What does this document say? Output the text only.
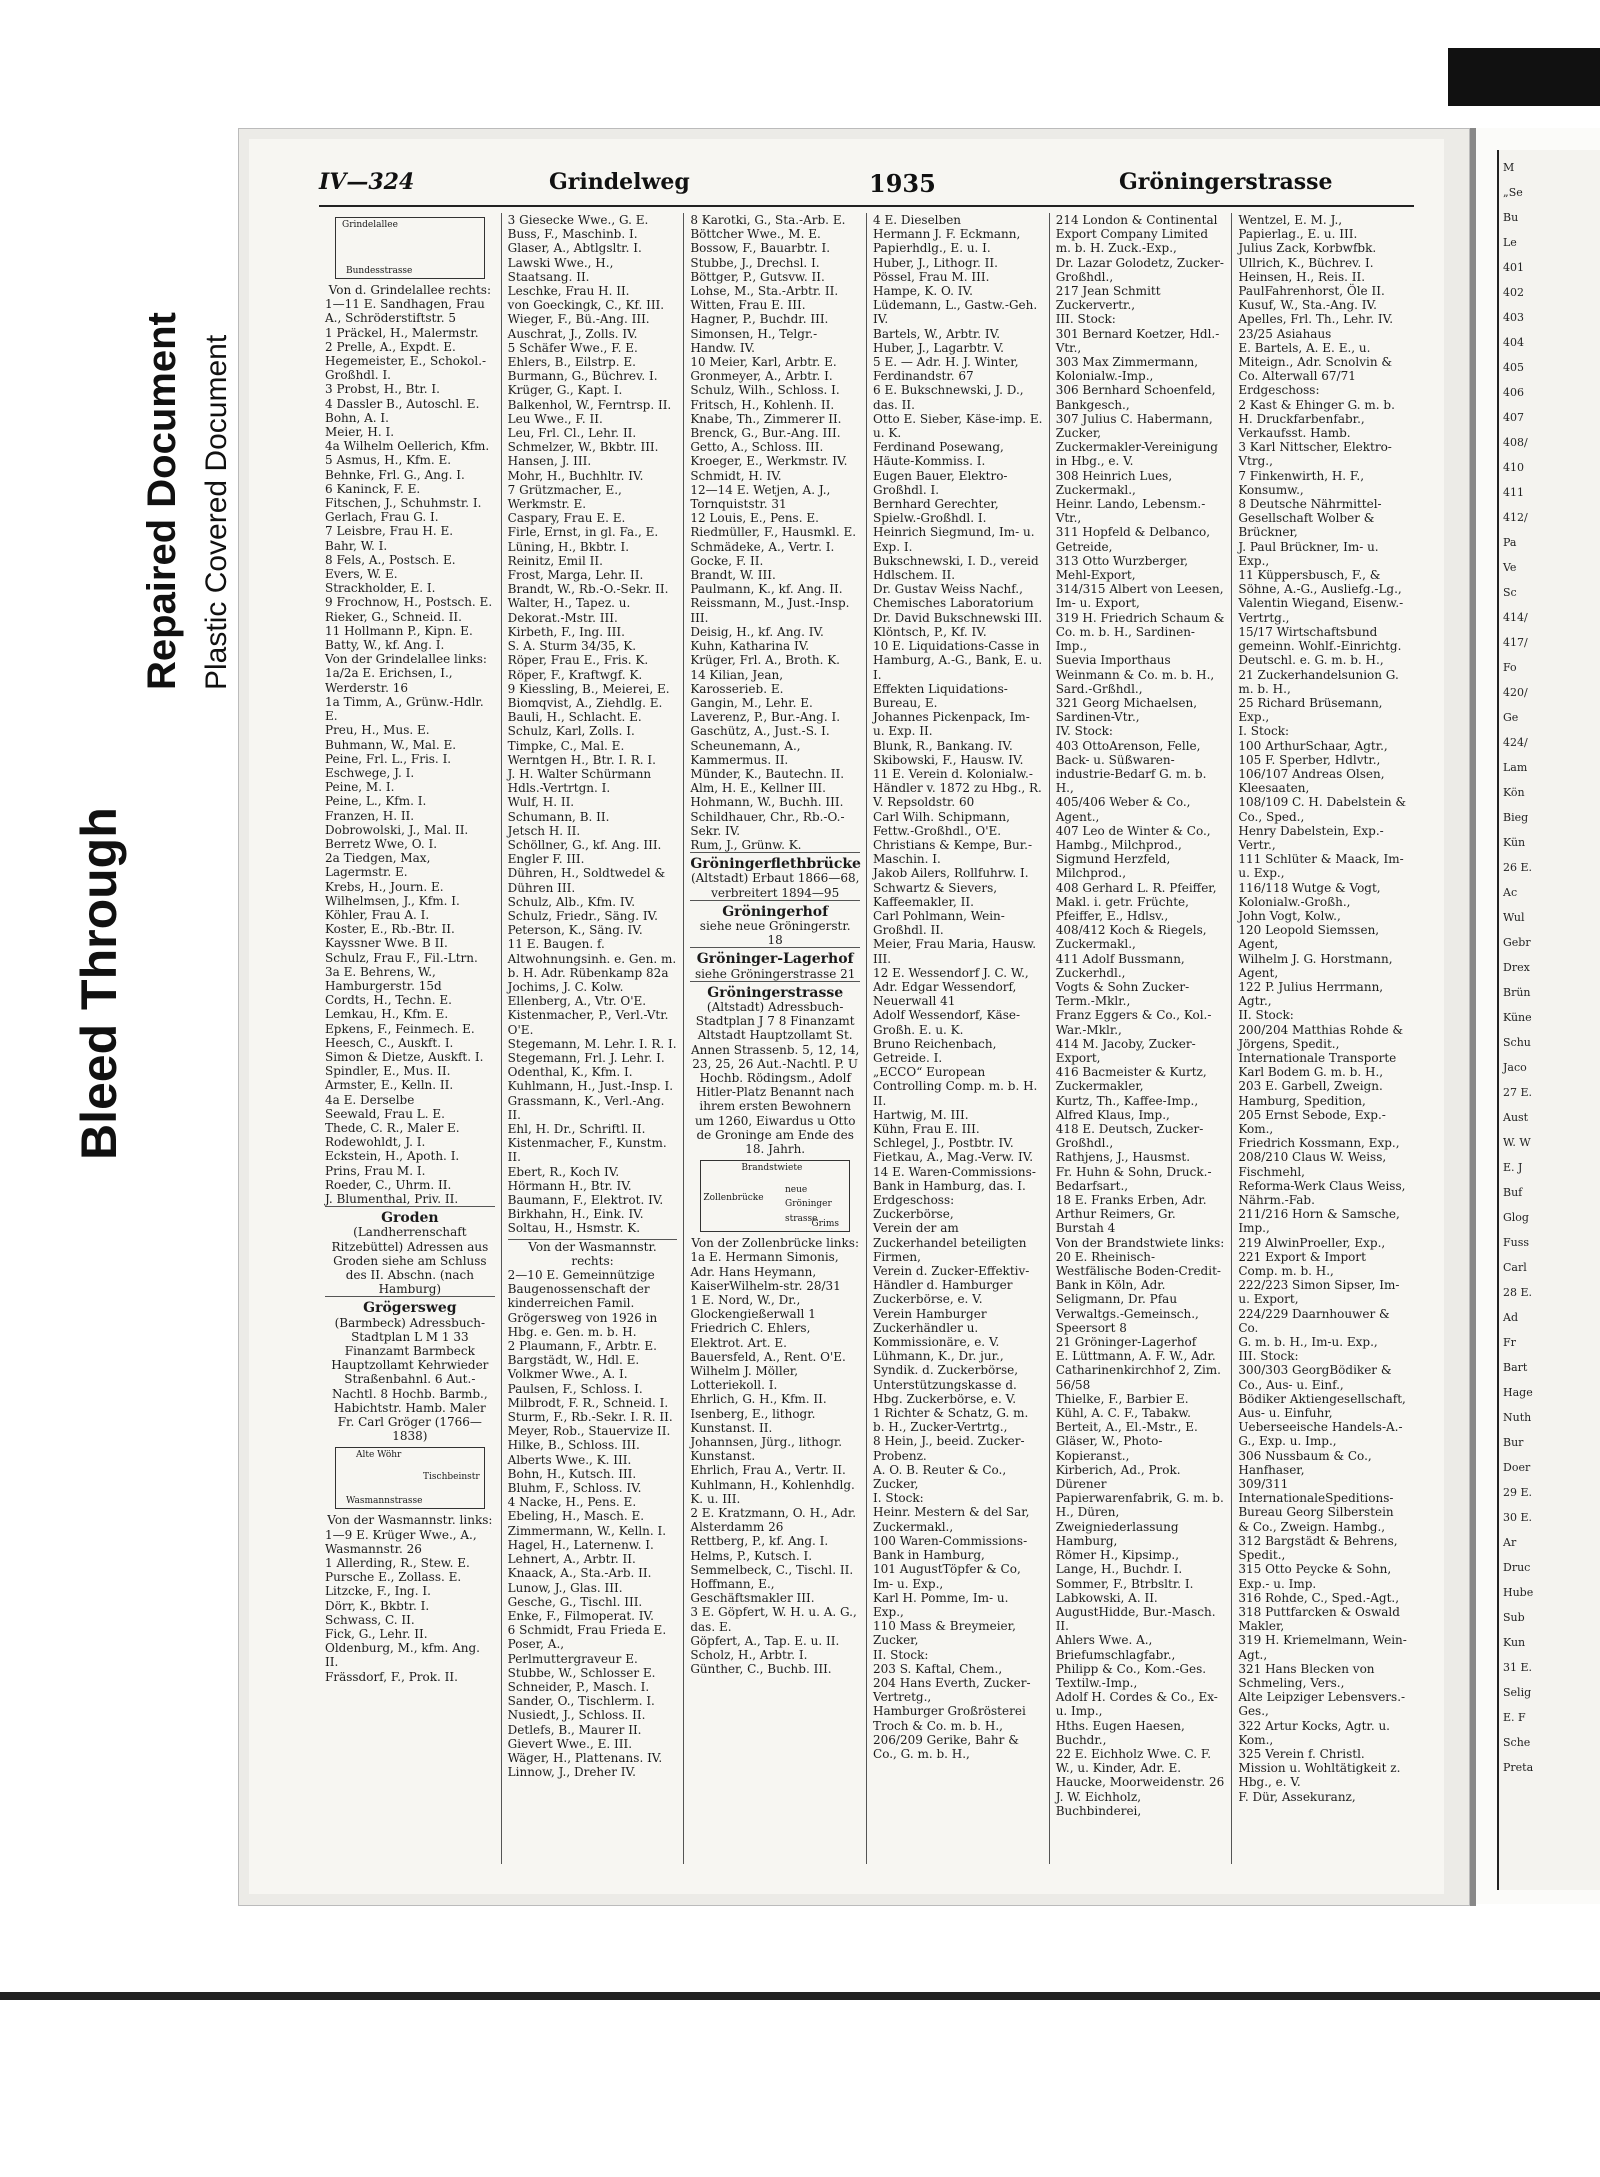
Bleed Through
Repaired Document Plastic Covered Document

M

„Se

Bu

Le

401

402

403

404

405

406

407

408/

410

411

412/

Pa

Ve

Sc

414/

417/

Fo

420/

Ge

424/

Lam

Kön

Bieg

Kün

26 E.

Ac

Wul

Gebr

Drex

Brün

Küne

Schu

Jaco

27 E.

Aust

W. W

E. J

Buf

Glog

Fuss

Carl

28 E.

Ad

Fr

Bart

Hage

Nuth

Bur

Doer

29 E.

30 E.

Ar

Druc

Hube

Sub

Kun

31 E.

Selig

E. F

Sche

Preta

IV—324	Grindelweg	1935	Gröningerstrasse
Grindelallee
Bundesstrasse

Von d. Grindelallee rechts:

1—11 E. Sandhagen, Frau A., Schröderstiftstr. 5

1 Präckel, H., Malermstr.

2 Prelle, A., Expdt. E.

Hegemeister, E., Schokol.-Großhdl. I.

3 Probst, H., Btr. I.

4 Dassler B., Autoschl. E.

Bohn, A. I.

Meier, H. I.

4a Wilhelm Oellerich, Kfm.

5 Asmus, H., Kfm. E.

Behnke, Frl. G., Ang. I.

6 Kaninck, F. E.

Fitschen, J., Schuhmstr. I.

Gerlach, Frau G. I.

7 Leisbre, Frau H. E.

Bahr, W. I.

8 Fels, A., Postsch. E.

Evers, W. E.

Strackholder, E. I.

9 Frochnow, H., Postsch. E.

Rieker, G., Schneid. II.

11 Hollmann P., Kipn. E.

Batty, W., kf. Ang. I.

Von der Grindelallee links:

1a/2a E. Erichsen, I., Werderstr. 16

1a Timm, A., Grünw.-Hdlr. E.

Preu, H., Mus. E.

Buhmann, W., Mal. E.

Peine, Frl. L., Fris. I.

Eschwege, J. I.

Peine, M. I.

Peine, L., Kfm. I.

Franzen, H. II.

Dobrowolski, J., Mal. II.

Berretz Wwe, O. I.

2a Tiedgen, Max, Lagermstr. E.

Krebs, H., Journ. E.

Wilhelmsen, J., Kfm. I.

Köhler, Frau A. I.

Koster, E., Rb.-Btr. II.

Kayssner Wwe. B II.

Schulz, Frau F., Fil.-Ltrn.

3a E. Behrens, W., Hamburgerstr. 15d

Cordts, H., Techn. E.

Lemkau, H., Kfm. E.

Epkens, F., Feinmech. E.

Heesch, C., Auskft. I.

Simon & Dietze, Auskft. I.

Spindler, E., Mus. II.

Armster, E., Kelln. II.

4a E. Derselbe

Seewald, Frau L. E.

Thede, C. R., Maler E.

Rodewohldt, J. I.

Eckstein, H., Apoth. I.

Prins, Frau M. I.

Roeder, C., Uhrm. II.

J. Blumenthal, Priv. II.

Groden

(Landherrenschaft Ritzebüttel) Adressen aus Groden siehe am Schluss des II. Abschn. (nach Hamburg)

Grögersweg

(Barmbeck) Adressbuch-Stadtplan L M 1 33 Finanzamt Barmbeck Hauptzollamt Kehrwieder Straßenbahnl. 6 Aut.-Nachtl. 8 Hochb. Barmb., Habichtstr. Hamb. Maler Fr. Carl Gröger (1766—1838)

Alte Wöhr
Tischbeinstr
Wasmannstrasse

Von der Wasmannstr. links:

1—9 E. Krüger Wwe., A., Wasmannstr. 26

1 Allerding, R., Stew. E.

Pursche E., Zollass. E.

Litzcke, F., Ing. I.

Dörr, K., Bkbtr. I.

Schwass, C. II.

Fick, G., Lehr. II.

Oldenburg, M., kfm. Ang. II.

Frässdorf, F., Prok. II.

3 Giesecke Wwe., G. E.

Buss, F., Maschinb. I.

Glaser, A., Abtlgsltr. I.

Lawski Wwe., H., Staatsang. II.

Leschke, Frau H. II.

von Goeckingk, C., Kf. III.

Wieger, F., Bü.-Ang. III.

Auschrat, J., Zolls. IV.

5 Schäfer Wwe., F. E.

Ehlers, B., Eilstrp. E.

Burmann, G., Büchrev. I.

Krüger, G., Kapt. I.

Balkenhol, W., Ferntrsp. II.

Leu Wwe., F. II.

Leu, Frl. Cl., Lehr. II.

Schmelzer, W., Bkbtr. III.

Hansen, J. III.

Mohr, H., Buchhltr. IV.

7 Grützmacher, E., Werkmstr. E.

Caspary, Frau E. E.

Firle, Ernst, in gl. Fa., E.

Lüning, H., Bkbtr. I.

Reinitz, Emil II.

Frost, Marga, Lehr. II.

Brandt, W., Rb.-O.-Sekr. II.

Walter, H., Tapez. u. Dekorat.-Mstr. III.

Kirbeth, F., Ing. III.

S. A. Sturm 34/35, K.

Röper, Frau E., Fris. K.

Röper, F., Kraftwgf. K.

9 Kiessling, B., Meierei, E.

Biomqvist, A., Ziehdlg. E.

Bauli, H., Schlacht. E.

Schulz, Karl, Zolls. I.

Timpke, C., Mal. E.

Werntgen H., Btr. I. R. I.

J. H. Walter Schürmann Hdls.-Vertrtgn. I.

Wulf, H. II.

Schumann, B. II.

Jetsch H. II.

Schöllner, G., kf. Ang. III.

Engler F. III.

Dühren, H., Soldtwedel & Dühren III.

Schulz, Alb., Kfm. IV.

Schulz, Friedr., Säng. IV.

Peterson, K., Säng. IV.

11 E. Baugen. f. Altwohnungsinh. e. Gen. m. b. H. Adr. Rübenkamp 82a

Jochims, J. C. Kolw.

Ellenberg, A., Vtr. O'E.

Kistenmacher, P., Verl.-Vtr. O'E.

Stegemann, M. Lehr. I. R. I.

Stegemann, Frl. J. Lehr. I.

Odenthal, K., Kfm. I.

Kuhlmann, H., Just.-Insp. I.

Grassmann, K., Verl.-Ang. II.

Ehl, H. Dr., Schriftl. II.

Kistenmacher, F., Kunstm. II.

Ebert, R., Koch IV.

Hörmann H., Btr. IV.

Baumann, F., Elektrot. IV.

Birkhahn, H., Eink. IV.

Soltau, H., Hsmstr. K.

Von der Wasmannstr. rechts:

2—10 E. Gemeinnützige Baugenossenschaft der kinderreichen Famil. Grögersweg von 1926 in Hbg. e. Gen. m. b. H.

2 Plaumann, F., Arbtr. E.

Bargstädt, W., Hdl. E.

Volkmer Wwe., A. I.

Paulsen, F., Schloss. I.

Milbrodt, F. R., Schneid. I.

Sturm, F., Rb.-Sekr. I. R. II.

Meyer, Rob., Stauervize II.

Hilke, B., Schloss. III.

Alberts Wwe., K. III.

Bohn, H., Kutsch. III.

Bluhm, F., Schloss. IV.

4 Nacke, H., Pens. E.

Ebeling, H., Masch. E.

Zimmermann, W., Kelln. I.

Hagel, H., Laternenw. I.

Lehnert, A., Arbtr. II.

Knaack, A., Sta.-Arb. II.

Lunow, J., Glas. III.

Gesche, G., Tischl. III.

Enke, F., Filmoperat. IV.

6 Schmidt, Frau Frieda E.

Poser, A., Perlmuttergraveur E.

Stubbe, W., Schlosser E.

Schneider, P., Masch. I.

Sander, O., Tischlerm. I.

Nusiedt, J., Schloss. II.

Detlefs, B., Maurer II.

Gievert Wwe., E. III.

Wäger, H., Plattenans. IV.

Linnow, J., Dreher IV.

8 Karotki, G., Sta.-Arb. E.

Böttcher Wwe., M. E.

Bossow, F., Bauarbtr. I.

Stubbe, J., Drechsl. I.

Böttger, P., Gutsvw. II.

Lohse, M., Sta.-Arbtr. II.

Witten, Frau E. III.

Hagner, P., Buchdr. III.

Simonsen, H., Telgr.-Handw. IV.

10 Meier, Karl, Arbtr. E.

Gronmeyer, A., Arbtr. I.

Schulz, Wilh., Schloss. I.

Fritsch, H., Kohlenh. II.

Knabe, Th., Zimmerer II.

Brenck, G., Bur.-Ang. III.

Getto, A., Schloss. III.

Kroeger, E., Werkmstr. IV.

Schmidt, H. IV.

12—14 E. Wetjen, A. J., Tornquiststr. 31

12 Louis, E., Pens. E.

Riedmüller, F., Hausmkl. E.

Schmädeke, A., Vertr. I.

Gocke, F. II.

Brandt, W. III.

Paulmann, K., kf. Ang. II.

Reissmann, M., Just.-Insp. III.

Deisig, H., kf. Ang. IV.

Kuhn, Katharina IV.

Krüger, Frl. A., Broth. K.

14 Kilian, Jean, Karosserieb. E.

Gangin, M., Lehr. E.

Laverenz, P., Bur.-Ang. I.

Gaschütz, A., Just.-S. I.

Scheunemann, A., Kammermus. II.

Münder, K., Bautechn. II.

Alm, H. E., Kellner III.

Hohmann, W., Buchh. III.

Schildhauer, Chr., Rb.-O.-Sekr. IV.

Rum, J., Grünw. K.

Gröningerflethbrücke

(Altstadt) Erbaut 1866—68, verbreitert 1894—95

Gröningerhof

siehe neue Gröningerstr. 18

Gröninger-Lagerhof

siehe Gröningerstrasse 21

Gröningerstrasse

(Altstadt) Adressbuch-Stadtplan J 7 8 Finanzamt Altstadt Hauptzollamt St. Annen Strassenb. 5, 12, 14, 23, 25, 26 Aut.-Nachtl. P. U Hochb. Rödingsm., Adolf Hitler-Platz Benannt nach ihrem ersten Bewohnern um 1260, Eiwardus u Otto de Groninge am Ende des 18. Jahrh.

Brandstwiete
neue Gröninger strasse
Zollenbrücke
Grims

Von der Zollenbrücke links:

1a E. Hermann Simonis, Adr. Hans Heymann, KaiserWilhelm-str. 28/31

1 E. Nord, W., Dr., Glockengießerwall 1

Friedrich C. Ehlers, Elektrot. Art. E.

Bauersfeld, A., Rent. O'E.

Wilhelm J. Möller, Lotteriekoll. I.

Ehrlich, G. H., Kfm. II.

Isenberg, E., lithogr. Kunstanst. II.

Johannsen, Jürg., lithogr. Kunstanst.

Ehrlich, Frau A., Vertr. II.

Kuhlmann, H., Kohlenhdlg. K. u. III.

2 E. Kratzmann, O. H., Adr. Alsterdamm 26

Rettberg, P., kf. Ang. I.

Helms, P., Kutsch. I.

Semmelbeck, C., Tischl. II.

Hoffmann, E., Geschäftsmakler III.

3 E. Göpfert, W. H. u. A. G., das. E.

Göpfert, A., Tap. E. u. II.

Scholz, H., Arbtr. I.

Günther, C., Buchb. III.

4 E. Dieselben

Hermann J. F. Eckmann, Papierhdlg., E. u. I.

Huber, J., Lithogr. II.

Pössel, Frau M. III.

Hampe, K. O. IV.

Lüdemann, L., Gastw.-Geh. IV.

Bartels, W., Arbtr. IV.

Huber, J., Lagarbtr. V.

5 E. — Adr. H. J. Winter, Ferdinandstr. 67

6 E. Bukschnewski, J. D., das. II.

Otto E. Sieber, Käse-imp. E. u. K.

Ferdinand Posewang, Häute-Kommiss. I.

Eugen Bauer, Elektro-Großhdl. I.

Bernhard Gerechter, Spielw.-Großhdl. I.

Heinrich Siegmund, Im- u. Exp. I.

Bukschnewski, I. D., vereid Hdlschem. II.

Dr. Gustav Weiss Nachf., Chemisches Laboratorium Dr. David Bukschnewski III.

Klöntsch, P., Kf. IV.

10 E. Liquidations-Casse in Hamburg, A.-G., Bank, E. u. I.

Effekten Liquidations-Bureau, E.

Johannes Pickenpack, Im- u. Exp. II.

Blunk, R., Bankang. IV.

Skibowski, F., Hausw. IV.

11 E. Verein d. Kolonialw.-Händler v. 1872 zu Hbg., R. V. Repsoldstr. 60

Carl Wilh. Schipmann, Fettw.-Großhdl., O'E.

Christians & Kempe, Bur.-Maschin. I.

Jakob Ailers, Rollfuhrw. I.

Schwartz & Sievers, Kaffeemakler, II.

Carl Pohlmann, Wein-Großhdl. II.

Meier, Frau Maria, Hausw. III.

12 E. Wessendorf J. C. W., Adr. Edgar Wessendorf, Neuerwall 41

Adolf Wessendorf, Käse-Großh. E. u. K.

Bruno Reichenbach, Getreide. I.

„ECCO“ European Controlling Comp. m. b. H. II.

Hartwig, M. III.

Kühn, Frau E. III.

Schlegel, J., Postbtr. IV.

Fietkau, A., Mag.-Verw. IV.

14 E. Waren-Commissions-Bank in Hamburg, das. I.

Erdgeschoss:

Zuckerbörse,

Verein der am Zuckerhandel beteiligten Firmen,

Verein d. Zucker-Effektiv-Händler d. Hamburger Zuckerbörse, e. V.

Verein Hamburger Zuckerhändler u. Kommissionäre, e. V.

Lühmann, K., Dr. jur.,

Syndik. d. Zuckerbörse,

Unterstützungskasse d. Hbg. Zuckerbörse, e. V.

1 Richter & Schatz, G. m. b. H., Zucker-Vertrtg.,

8 Hein, J., beeid. Zucker-Probenz.

A. O. B. Reuter & Co., Zucker,

I. Stock:

Heinr. Mestern & del Sar, Zuckermakl.,

100 Waren-Commissions-Bank in Hamburg,

101 AugustTöpfer & Co, Im- u. Exp.,

Karl H. Pomme, Im- u. Exp.,

110 Mass & Breymeier, Zucker,

II. Stock:

203 S. Kaftal, Chem.,

204 Hans Everth, Zucker-Vertretg.,

Hamburger Großrösterei Troch & Co. m. b. H.,

206/209 Gerike, Bahr & Co., G. m. b. H.,

214 London & Continental Export Company Limited m. b. H. Zuck.-Exp.,

Dr. Lazar Golodetz, Zucker-Großhdl.,

217 Jean Schmitt Zuckervertr.,

III. Stock:

301 Bernard Koetzer, Hdl.-Vtr.,

303 Max Zimmermann, Kolonialw.-Imp.,

306 Bernhard Schoenfeld, Bankgesch.,

307 Julius C. Habermann, Zucker,

Zuckermakler-Vereinigung in Hbg., e. V.

308 Heinrich Lues, Zuckermakl.,

Heinr. Lando, Lebensm.-Vtr.,

311 Hopfeld & Delbanco, Getreide,

313 Otto Wurzberger, Mehl-Export,

314/315 Albert von Leesen, Im- u. Export,

319 H. Friedrich Schaum & Co. m. b. H., Sardinen-Imp.,

Suevia Importhaus Weinmann & Co. m. b. H., Sard.-Grßhdl.,

321 Georg Michaelsen, Sardinen-Vtr.,

IV. Stock:

403 OttoArenson, Felle,

Back- u. Süßwaren-industrie-Bedarf G. m. b. H.,

405/406 Weber & Co., Agent.,

407 Leo de Winter & Co., Hambg., Milchprod.,

Sigmund Herzfeld, Milchprod.,

408 Gerhard L. R. Pfeiffer, Makl. i. getr. Früchte,

Pfeiffer, E., Hdlsv.,

408/412 Koch & Riegels, Zuckermakl.,

411 Adolf Bussmann, Zuckerhdl.,

Vogts & Sohn Zucker-Term.-Mklr.,

Franz Eggers & Co., Kol.-War.-Mklr.,

414 M. Jacoby, Zucker-Export,

416 Bacmeister & Kurtz, Zuckermakler,

Kurtz, Th., Kaffee-Imp.,

Alfred Klaus, Imp.,

418 E. Deutsch, Zucker-Großhdl.,

Rathjens, J., Hausmst.

Fr. Huhn & Sohn, Druck.-Bedarfsart.,

18 E. Franks Erben, Adr. Arthur Reimers, Gr. Burstah 4

Von der Brandstwiete links:

20 E. Rheinisch-Westfälische Boden-Credit-Bank in Köln, Adr. Seligmann, Dr. Pfau Verwaltgs.-Gemeinsch., Speersort 8

21 Gröninger-Lagerhof

E. Lüttmann, A. F. W., Adr. Catharinenkirchhof 2, Zim. 56/58

Thielke, F., Barbier E.

Kühl, A. C. F., Tabakw.

Berteit, A., El.-Mstr., E.

Gläser, W., Photo-Kopieranst.,

Kirberich, Ad., Prok.

Dürener Papierwarenfabrik, G. m. b. H., Düren, Zweigniederlassung Hamburg,

Römer H., Kipsimp.,

Lange, H., Buchdr. I.

Sommer, F., Btrbsltr. I.

Labkowski, A. II.

AugustHidde, Bur.-Masch. II.

Ahlers Wwe. A., Briefumschlagfabr.,

Philipp & Co., Kom.-Ges. Textilw.-Imp.,

Adolf H. Cordes & Co., Ex- u. Imp.,

Hths. Eugen Haesen, Buchdr.,

22 E. Eichholz Wwe. C. F. W., u. Kinder, Adr. E. Haucke, Moorweidenstr. 26

J. W. Eichholz, Buchbinderei,

Wentzel, E. M. J., Papierlag., E. u. III.

Julius Zack, Korbwfbk.

Ullrich, K., Büchrev. I.

Heinsen, H., Reis. II.

PaulFahrenhorst, Öle II.

Kusuf, W., Sta.-Ang. IV.

Apelles, Frl. Th., Lehr. IV.

23/25 Asiahaus

E. Bartels, A. E. E., u. Miteign., Adr. Scnolvin & Co. Alterwall 67/71

Erdgeschoss:

2 Kast & Ehinger G. m. b. H. Druckfarbenfabr., Verkaufsst. Hamb.

3 Karl Nittscher, Elektro-Vtrg.,

7 Finkenwirth, H. F., Konsumw.,

8 Deutsche Nährmittel-Gesellschaft Wolber & Brückner,

J. Paul Brückner, Im- u. Exp.,

11 Küppersbusch, F., & Söhne, A.-G., Ausliefg.-Lg.,

Valentin Wiegand, Eisenw.-Vertrtg.,

15/17 Wirtschaftsbund gemeinn. Wohlf.-Einrichtg. Deutschl. e. G. m. b. H.,

21 Zuckerhandelsunion G. m. b. H.,

25 Richard Brüsemann, Exp.,

I. Stock:

100 ArthurSchaar, Agtr.,

105 F. Sperber, Hdlvtr.,

106/107 Andreas Olsen, Kleesaaten,

108/109 C. H. Dabelstein & Co., Sped.,

Henry Dabelstein, Exp.-Vertr.,

111 Schlüter & Maack, Im- u. Exp.,

116/118 Wutge & Vogt, Kolonialw.-Großh.,

John Vogt, Kolw.,

120 Leopold Siemssen, Agent,

Wilhelm J. G. Horstmann, Agent,

122 P. Julius Herrmann, Agtr.,

II. Stock:

200/204 Matthias Rohde & Jörgens, Spedit.,

Internationale Transporte Karl Bodem G. m. b. H.,

203 E. Garbell, Zweign. Hamburg, Spedition,

205 Ernst Sebode, Exp.-Kom.,

Friedrich Kossmann, Exp.,

208/210 Claus W. Weiss, Fischmehl,

Reforma-Werk Claus Weiss, Nährm.-Fab.

211/216 Horn & Samsche, Imp.,

219 AlwinProeller, Exp.,

221 Export & Import Comp. m. b. H.,

222/223 Simon Sipser, Im- u. Export,

224/229 Daarnhouwer & Co.

G. m. b. H., Im-u. Exp.,

III. Stock:

300/303 GeorgBödiker & Co., Aus- u. Einf.,

Bödiker Aktiengesellschaft, Aus- u. Einfuhr,

Ueberseeische Handels-A.-G., Exp. u. Imp.,

306 Nussbaum & Co., Hanfhaser,

309/311 InternationaleSpeditions-Bureau Georg Silberstein & Co., Zweign. Hambg.,

312 Bargstädt & Behrens, Spedit.,

315 Otto Peycke & Sohn, Exp.- u. Imp.

316 Rohde, C., Sped.-Agt.,

318 Puttfarcken & Oswald Makler,

319 H. Kriemelmann, Wein-Agt.,

321 Hans Blecken von Schmeling, Vers.,

Alte Leipziger Lebensvers.-Ges.,

322 Artur Kocks, Agtr. u. Kom.,

325 Verein f. Christl. Mission u. Wohltätigkeit z. Hbg., e. V.

F. Dür, Assekuranz,
